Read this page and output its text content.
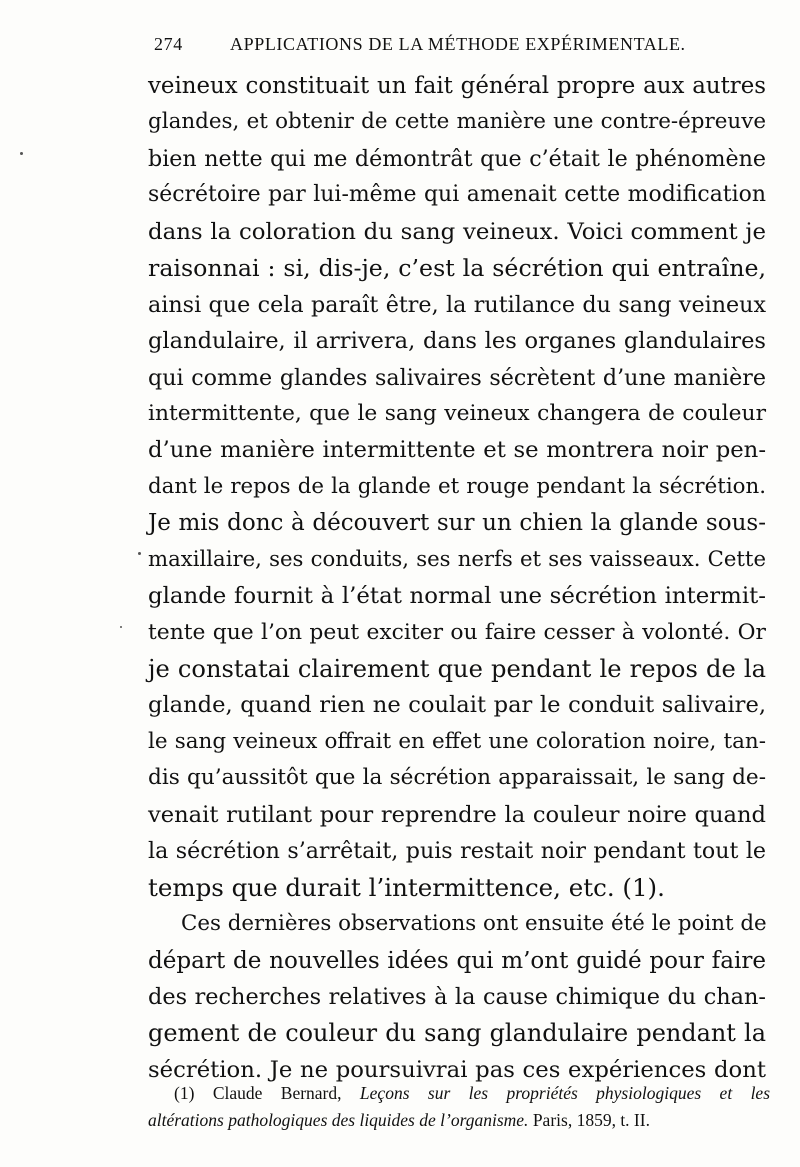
274	APPLICATIONS DE LA MÉTHODE EXPÉRIMENTALE.
veineux constituait un fait général propre aux autres
glandes, et obtenir de cette manière une contre-épreuve
bien nette qui me démontrât que c’était le phénomène
sécrétoire par lui-même qui amenait cette modification
dans la coloration du sang veineux. Voici comment je
raisonnai : si, dis-je, c’est la sécrétion qui entraîne,
ainsi que cela paraît être, la rutilance du sang veineux
glandulaire, il arrivera, dans les organes glandulaires
qui comme glandes salivaires sécrètent d’une manière
intermittente, que le sang veineux changera de couleur
d’une manière intermittente et se montrera noir pen-
dant le repos de la glande et rouge pendant la sécrétion.
Je mis donc à découvert sur un chien la glande sous-
maxillaire, ses conduits, ses nerfs et ses vaisseaux. Cette
glande fournit à l’état normal une sécrétion intermit-
tente que l’on peut exciter ou faire cesser à volonté. Or
je constatai clairement que pendant le repos de la
glande, quand rien ne coulait par le conduit salivaire,
le sang veineux offrait en effet une coloration noire, tan-
dis qu’aussitôt que la sécrétion apparaissait, le sang de-
venait rutilant pour reprendre la couleur noire quand
la sécrétion s’arrêtait, puis restait noir pendant tout le
temps que durait l’intermittence, etc. (1).
Ces dernières observations ont ensuite été le point de
départ de nouvelles idées qui m’ont guidé pour faire
des recherches relatives à la cause chimique du chan-
gement de couleur du sang glandulaire pendant la
sécrétion. Je ne poursuivrai pas ces expériences dont
(1) Claude Bernard, Leçons sur les propriétés physiologiques et les
altérations pathologiques des liquides de l’organisme. Paris, 1859, t. II.
